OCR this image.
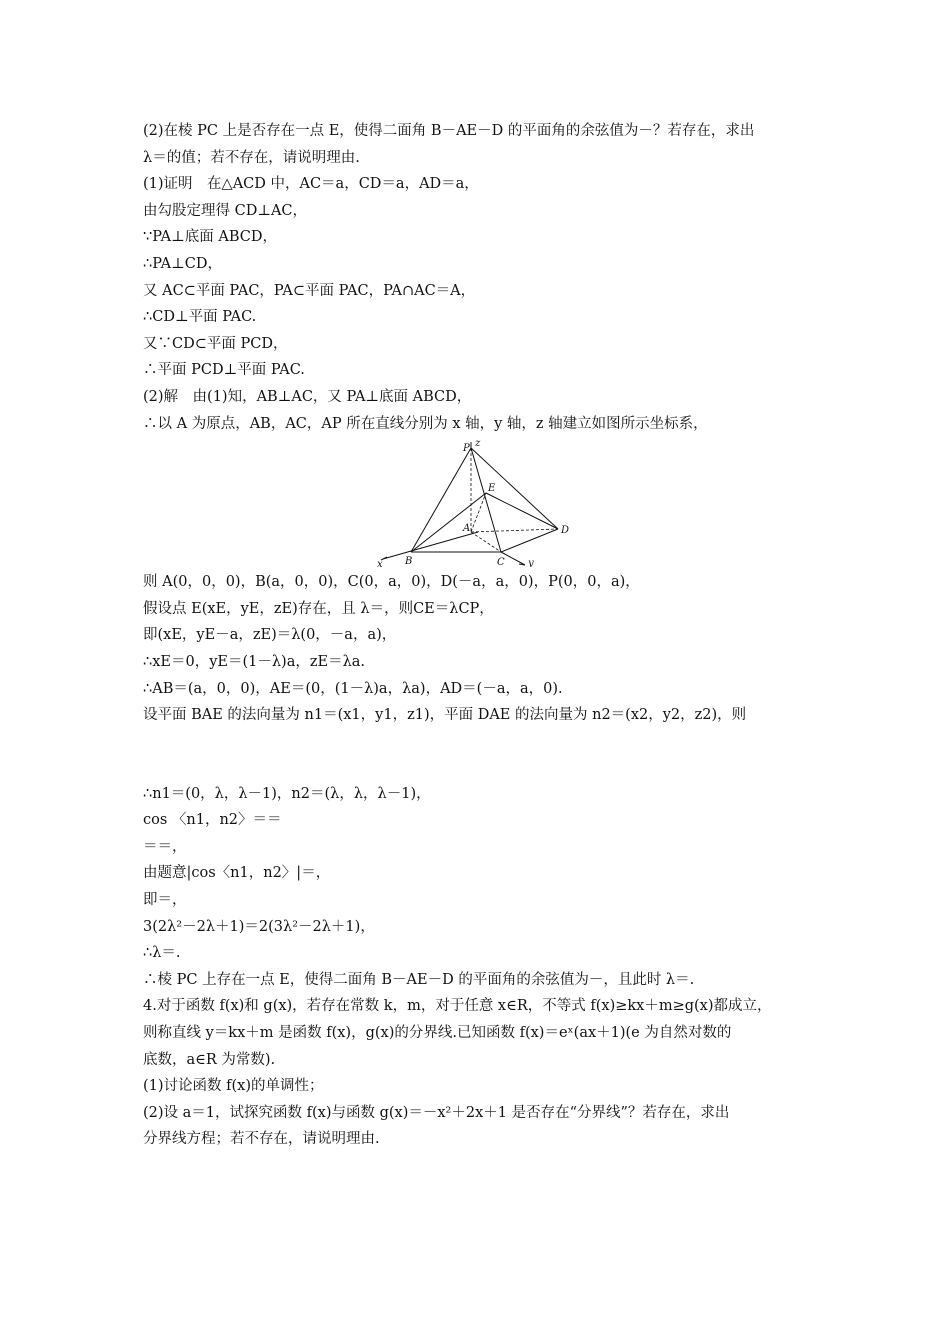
(2)在棱 PC 上是否存在一点 E，使得二面角 B－AE－D 的平面角的余弦值为－？若存在，求出
λ＝的值；若不存在，请说明理由.
(1)证明　在△ACD 中，AC＝a，CD＝a，AD＝a，
由勾股定理得 CD⊥AC，
∵PA⊥底面 ABCD，
∴PA⊥CD，
又 AC⊂平面 PAC，PA⊂平面 PAC，PA∩AC＝A，
∴CD⊥平面 PAC.
又∵CD⊂平面 PCD，
∴平面 PCD⊥平面 PAC.
(2)解　由(1)知，AB⊥AC，又 PA⊥底面 ABCD，
∴以 A 为原点，AB，AC，AP 所在直线分别为 x 轴，y 轴，z 轴建立如图所示坐标系，
P z
E
A
B
x	C y
D
则 A(0，0，0)，B(a，0，0)，C(0，a，0)，D(－a，a，0)，P(0，0，a)，
假设点 E(xE，yE，zE)存在，且 λ＝，则CE＝λCP，
即(xE，yE－a，zE)＝λ(0，－a，a)，
∴xE＝0，yE＝(1－λ)a，zE＝λa.
∴AB＝(a，0，0)，AE＝(0，(1－λ)a，λa)，AD＝(－a，a，0).
设平面 BAE 的法向量为 n1＝(x1，y1，z1)，平面 DAE 的法向量为 n2＝(x2，y2，z2)，则
∴n1＝(0，λ，λ－1)，n2＝(λ，λ，λ－1)，
cos 〈n1，n2〉＝＝
＝＝，
由题意|cos〈n1，n2〉|＝，
即＝，
3(2λ²－2λ＋1)＝2(3λ²－2λ＋1)，
∴λ＝.
∴棱 PC 上存在一点 E，使得二面角 B－AE－D 的平面角的余弦值为－，且此时 λ＝.
4.对于函数 f(x)和 g(x)，若存在常数 k，m，对于任意 x∈R，不等式 f(x)≥kx＋m≥g(x)都成立，
则称直线 y＝kx＋m 是函数 f(x)，g(x)的分界线.已知函数 f(x)＝eˣ(ax＋1)(e 为自然对数的
底数，a∈R 为常数).
(1)讨论函数 f(x)的单调性；
(2)设 a＝1，试探究函数 f(x)与函数 g(x)＝－x²＋2x＋1 是否存在“分界线”？若存在，求出
分界线方程；若不存在，请说明理由.
